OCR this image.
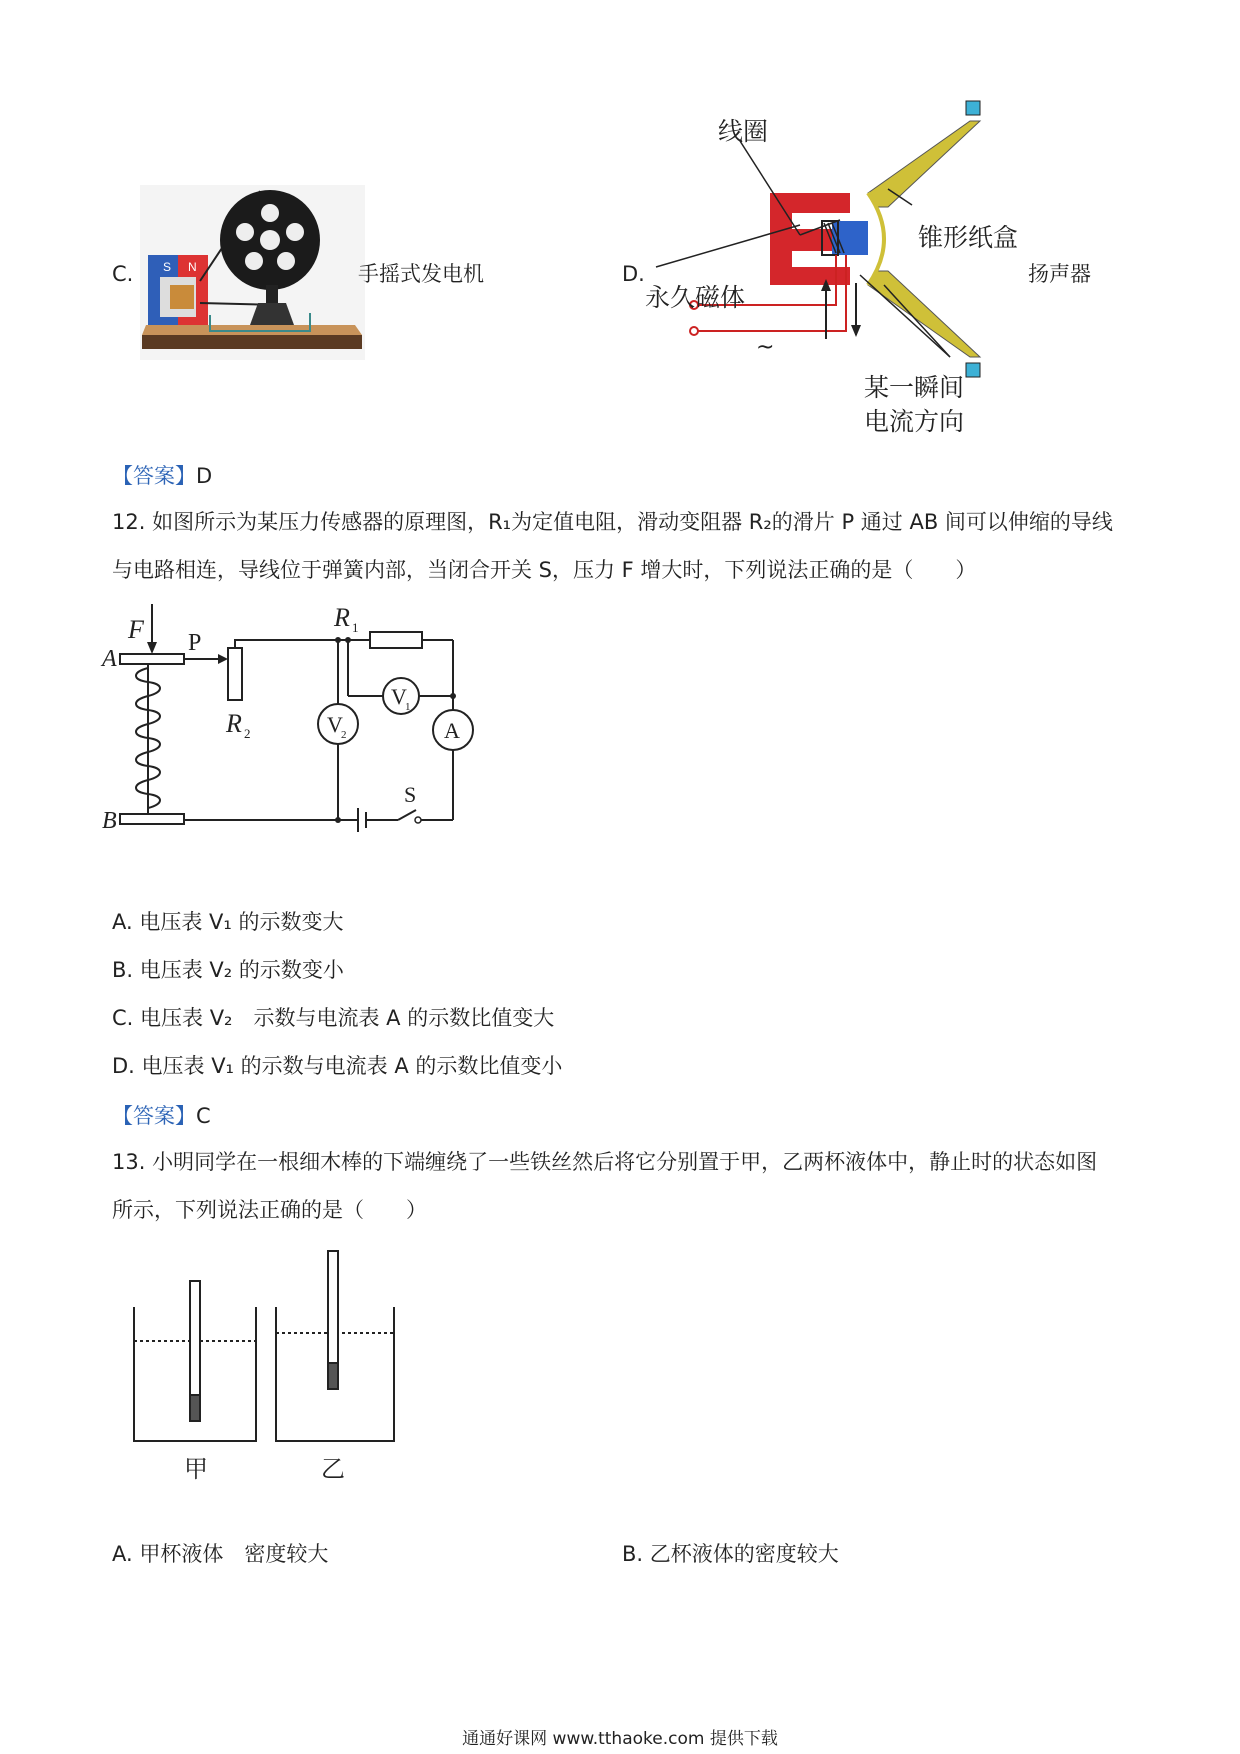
C. S N	手摇式发电机	D.
线圈
锥形纸盒
永久磁体
~
某一瞬间
电流方向
扬声器
【答案】D
12. 如图所示为某压力传感器的原理图，R₁为定值电阻，滑动变阻器 R₂的滑片 P 通过 AB 间可以伸缩的导线
与电路相连，导线位于弹簧内部，当闭合开关 S，压力 F 增大时，下列说法正确的是（　　）
F
A
B
P
R 1
R 2
V
1
V
2	A
S
A. 电压表 V₁ 的示数变大
B. 电压表 V₂ 的示数变小
C. 电压表 V₂　示数与电流表 A 的示数比值变大
D. 电压表 V₁ 的示数与电流表 A 的示数比值变小
【答案】C
13. 小明同学在一根细木棒的下端缠绕了一些铁丝然后将它分别置于甲，乙两杯液体中，静止时的状态如图
所示，下列说法正确的是（　　）
甲	乙
A. 甲杯液体　密度较大	B. 乙杯液体的密度较大
通通好课网 www.tthaoke.com 提供下载
